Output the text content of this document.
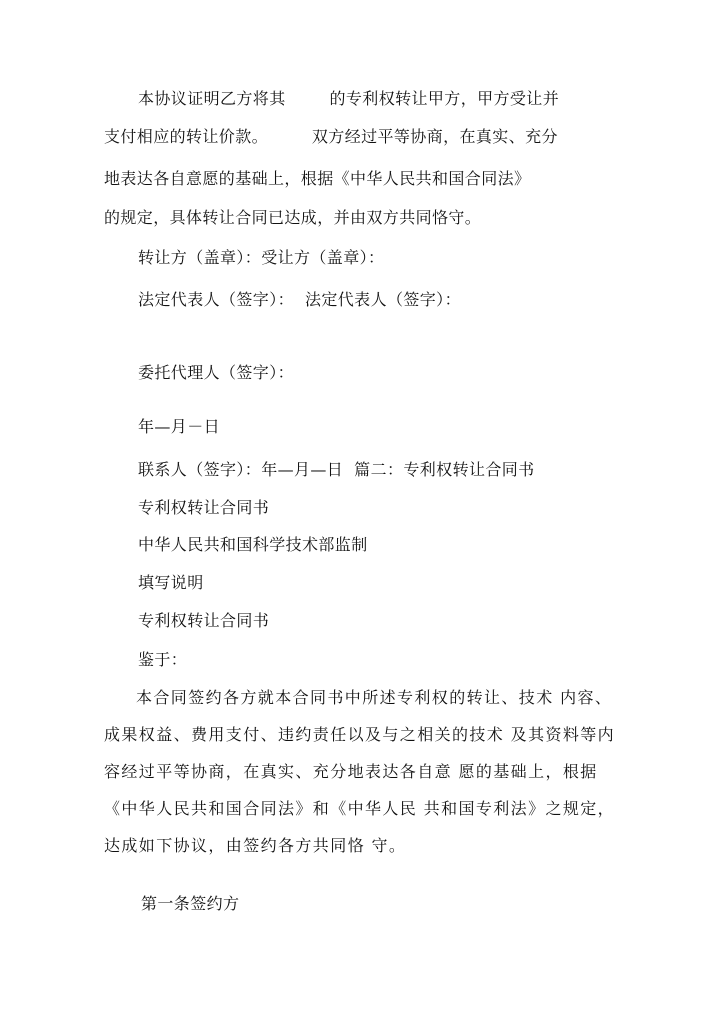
本协议证明乙方将其        的专利权转让甲方，甲方受让并
支付相应的转让价款。        双方经过平等协商，在真实、充分
地表达各自意愿的基础上，根据《中华人民共和国合同法》
的规定，具体转让合同已达成，并由双方共同恪守。
转让方（盖章）：受让方（盖章）：
法定代表人（签字）：  法定代表人（签字）：
委托代理人（签字）：
年—月－日
联系人（签字）：年—月—日  篇二：专利权转让合同书
专利权转让合同书
中华人民共和国科学技术部监制
填写说明
专利权转让合同书
鉴于：
本合同签约各方就本合同书中所述专利权的转让、技术 内容、成果权益、费用支付、违约责任以及与之相关的技术 及其资料等内容经过平等协商，在真实、充分地表达各自意 愿的基础上，根据《中华人民共和国合同法》和《中华人民 共和国专利法》之规定，达成如下协议，由签约各方共同恪 守。
第一条签约方
